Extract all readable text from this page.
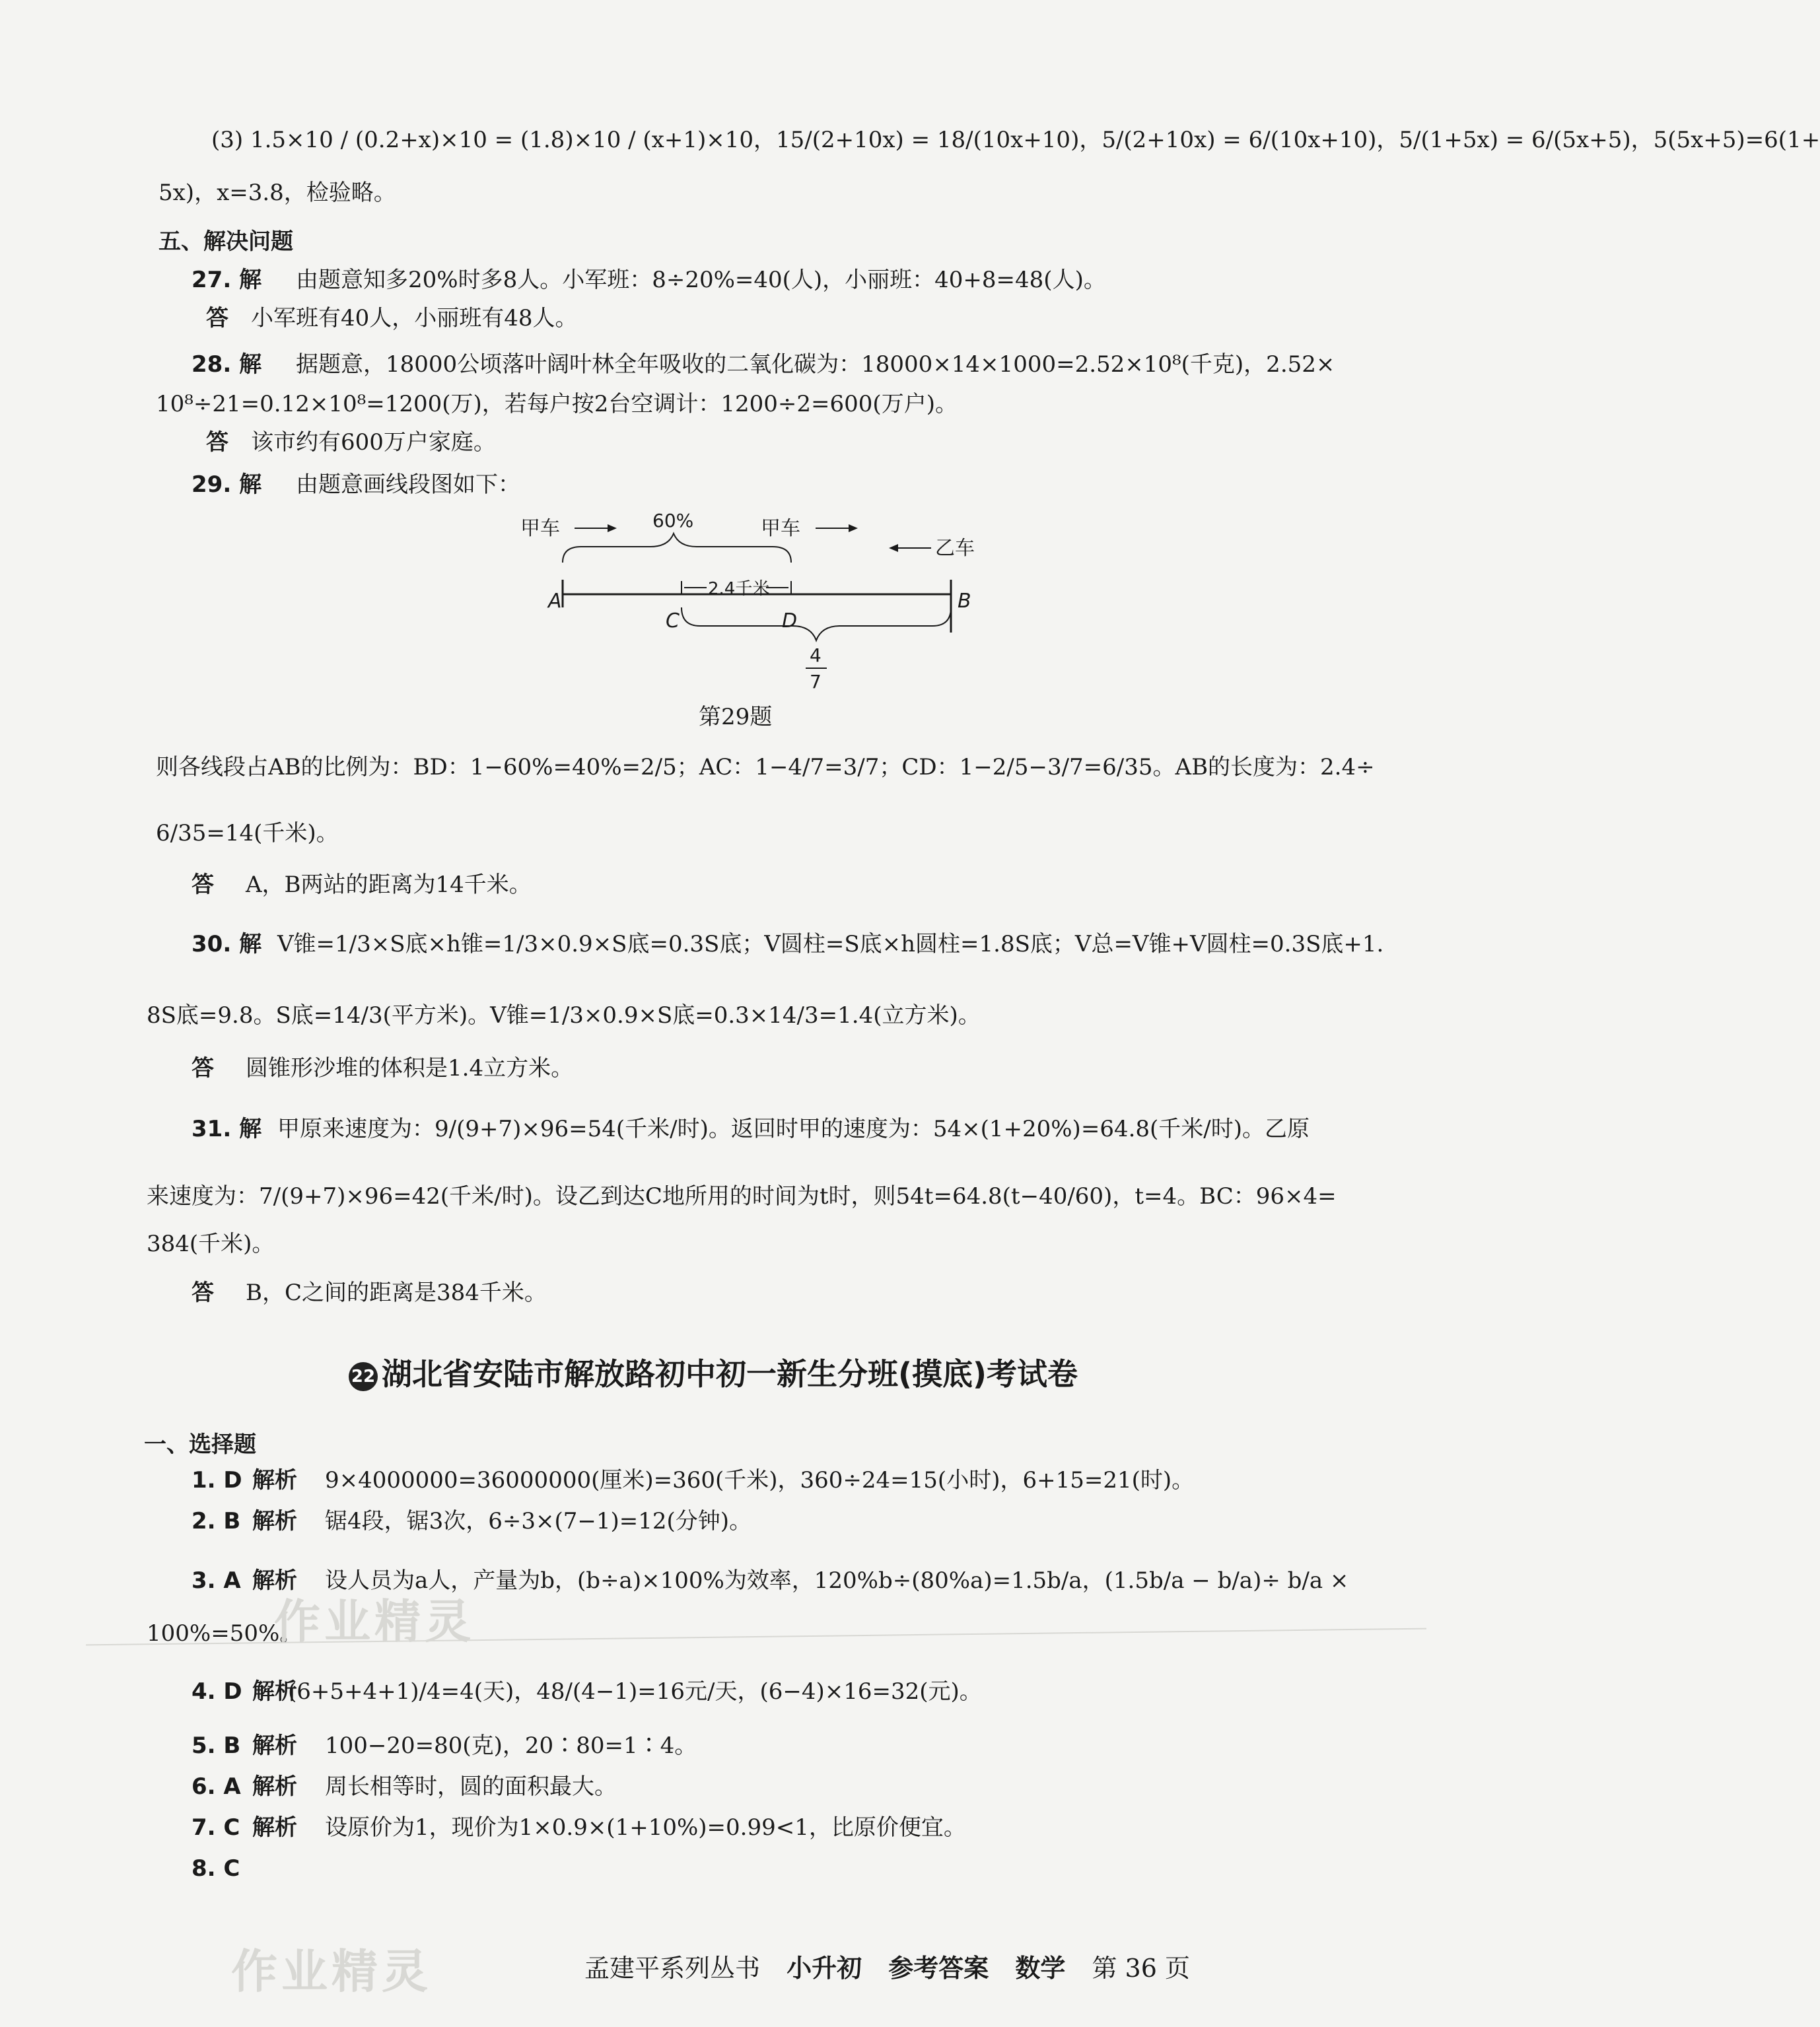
(3) 1.5×10 / (0.2+x)×10 = (1.8)×10 / (x+1)×10，15/(2+10x) = 18/(10x+10)，5/(2+10x) = 6/(10x+10)，5/(1+5x) = 6/(5x+5)，5(5x+5)=6(1+
5x)，x=3.8，检验略。
五、解决问题
27. 解 由题意知多20%时多8人。小军班：8÷20%=40(人)，小丽班：40+8=48(人)。
答 小军班有40人，小丽班有48人。
28. 解 据题意，18000公顷落叶阔叶林全年吸收的二氧化碳为：18000×14×1000=2.52×10⁸(千克)，2.52×
10⁸÷21=0.12×10⁸=1200(万)，若每户按2台空调计：1200÷2=600(万户)。
答 该市约有600万户家庭。
29. 解 由题意画线段图如下：
甲车	60%	甲车
乙车
2.4千米
A	B
C	D
4
7
第29题
则各线段占AB的比例为：BD：1−60%=40%=2/5；AC：1−4/7=3/7；CD：1−2/5−3/7=6/35。AB的长度为：2.4÷
6/35=14(千米)。
答 A，B两站的距离为14千米。
30. 解 V锥=1/3×S底×h锥=1/3×0.9×S底=0.3S底；V圆柱=S底×h圆柱=1.8S底；V总=V锥+V圆柱=0.3S底+1.
8S底=9.8。S底=14/3(平方米)。V锥=1/3×0.9×S底=0.3×14/3=1.4(立方米)。
答 圆锥形沙堆的体积是1.4立方米。
31. 解 甲原来速度为：9/(9+7)×96=54(千米/时)。返回时甲的速度为：54×(1+20%)=64.8(千米/时)。乙原
来速度为：7/(9+7)×96=42(千米/时)。设乙到达C地所用的时间为t时，则54t=64.8(t−40/60)，t=4。BC：96×4=
384(千米)。
答 B，C之间的距离是384千米。
22 湖北省安陆市解放路初中初一新生分班(摸底)考试卷
一、选择题
1. D 解析 9×4000000=36000000(厘米)=360(千米)，360÷24=15(小时)，6+15=21(时)。
2. B 解析 锯4段，锯3次，6÷3×(7−1)=12(分钟)。
3. A 解析 设人员为a人，产量为b，(b÷a)×100%为效率，120%b÷(80%a)=1.5b/a，(1.5b/a − b/a)÷ b/a ×
100%=50%。
4. D 解析
(6+5+4+1)/4=4(天)，48/(4−1)=16元/天，(6−4)×16=32(元)。
5. B 解析 100−20=80(克)，20∶80=1∶4。
6. A 解析 周长相等时，圆的面积最大。
7. C 解析 设原价为1，现价为1×0.9×(1+10%)=0.99<1，比原价便宜。
8. C
作业精灵
作业精灵	孟建平系列丛书 小升初 参考答案 数学 第 36 页
